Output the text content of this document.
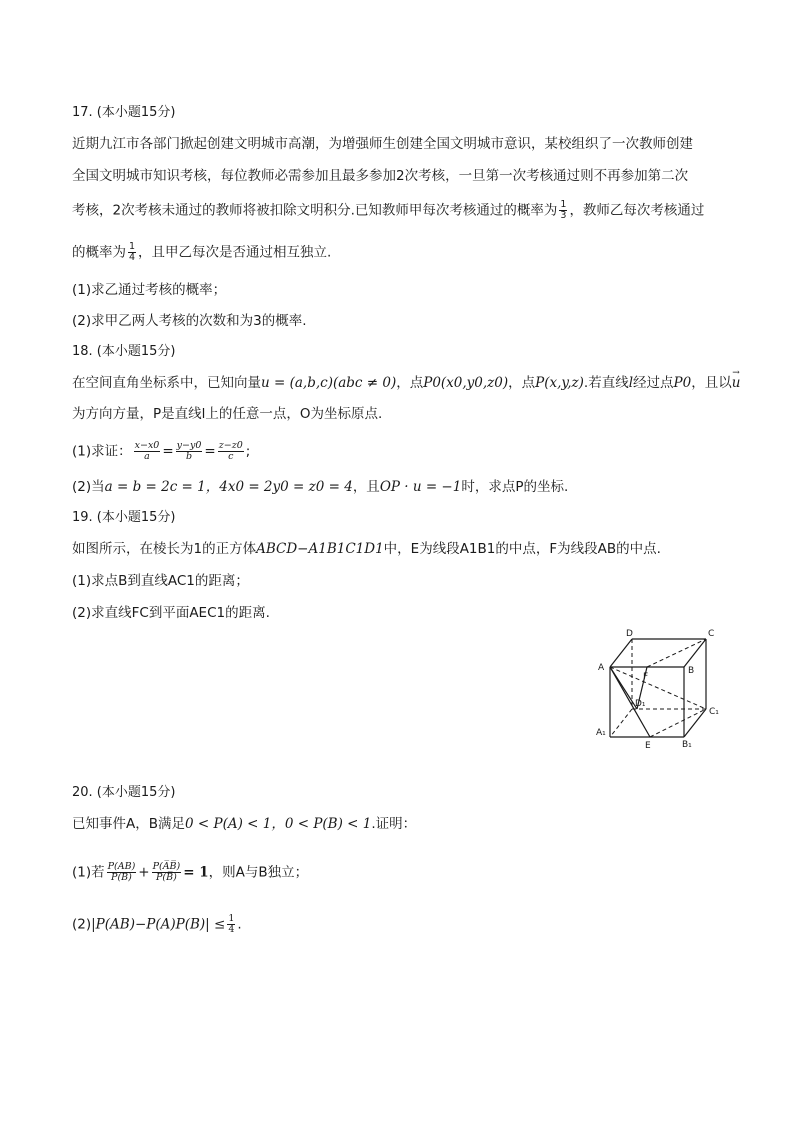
17. (本小题15分)
近期九江市各部门掀起创建文明城市高潮，为增强师生创建全国文明城市意识，某校组织了一次教师创建
全国文明城市知识考核，每位教师必需参加且最多参加2次考核，一旦第一次考核通过则不再参加第二次
考核，2次考核未通过的教师将被扣除文明积分.已知教师甲每次考核通过的概率为 $\frac{1}{3}$ ，教师乙每次考核通过
的概率为 $\frac{1}{4}$ ，且甲乙每次是否通过相互独立.
(1)求乙通过考核的概率；
(2)求甲乙两人考核的次数和为3的概率.
18. (本小题15分)
在空间直角坐标系中，已知向量u = (a,b,c)(abc ≠ 0)，点P0(x0,y0,z0)，点P(x,y,z).若直线l经过点P0，且以→ u
为方向方量，P是直线l上的任意一点，O为坐标原点.
(1)求证： $\frac{x-x0}{a} = \frac{y-y0}{b} = \frac{z-z0}{c}$ ;
(2)当a = b = 2c = 1，4x0 = 2y0 = z0 = 4，且OP · u = −1时，求点P的坐标.
19. (本小题15分)
如图所示，在棱长为1的正方体ABCD−A1B1C1D1中，E为线段A1B1的中点，F为线段AB的中点.
(1)求点B到直线AC1的距离；
(2)求直线FC到平面AEC1的距离.
D	C
A	B
F
D₁
C₁
A₁
E	B₁
20. (本小题15分)
已知事件A，B满足0 < P(A) < 1，0 < P(B) < 1.证明：
(1)若 $\frac{P(AB)}{P(B)} + \frac{P(A̅B̅)}{P(B̅)} = 1$，则A与B独立；
$(2)|P(AB)-P(A)P(B)| \le \frac{1}{4}$ .
